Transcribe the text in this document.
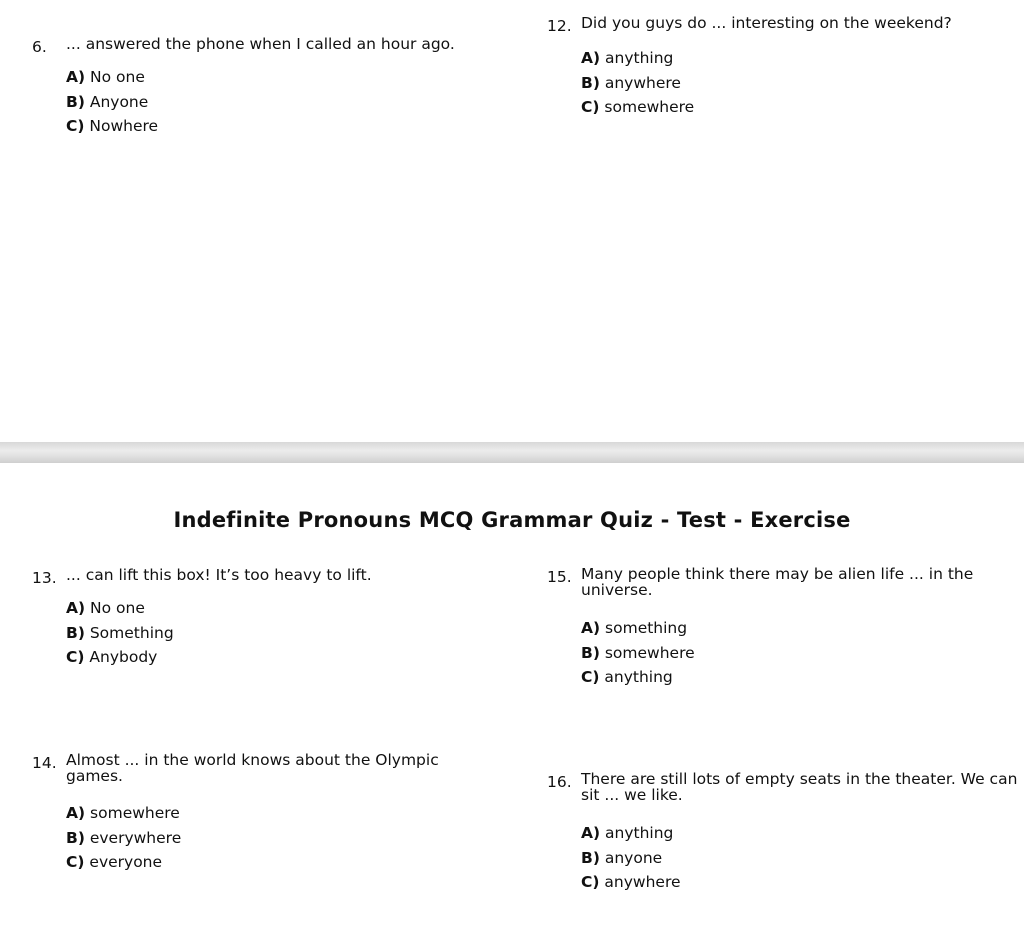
6. ... answered the phone when I called an hour ago.
A) No one
B) Anyone
C) Nowhere
12. Did you guys do ... interesting on the weekend?
A) anything
B) anywhere
C) somewhere
Indefinite Pronouns MCQ Grammar Quiz - Test - Exercise
13. ... can lift this box! It’s too heavy to lift.
A) No one
B) Something
C) Anybody
15. Many people think there may be alien life ... in the universe.
A) something
B) somewhere
C) anything
14. Almost ... in the world knows about the Olympic games.
A) somewhere
B) everywhere
C) everyone
16. There are still lots of empty seats in the theater. We can sit ... we like.
A) anything
B) anyone
C) anywhere
